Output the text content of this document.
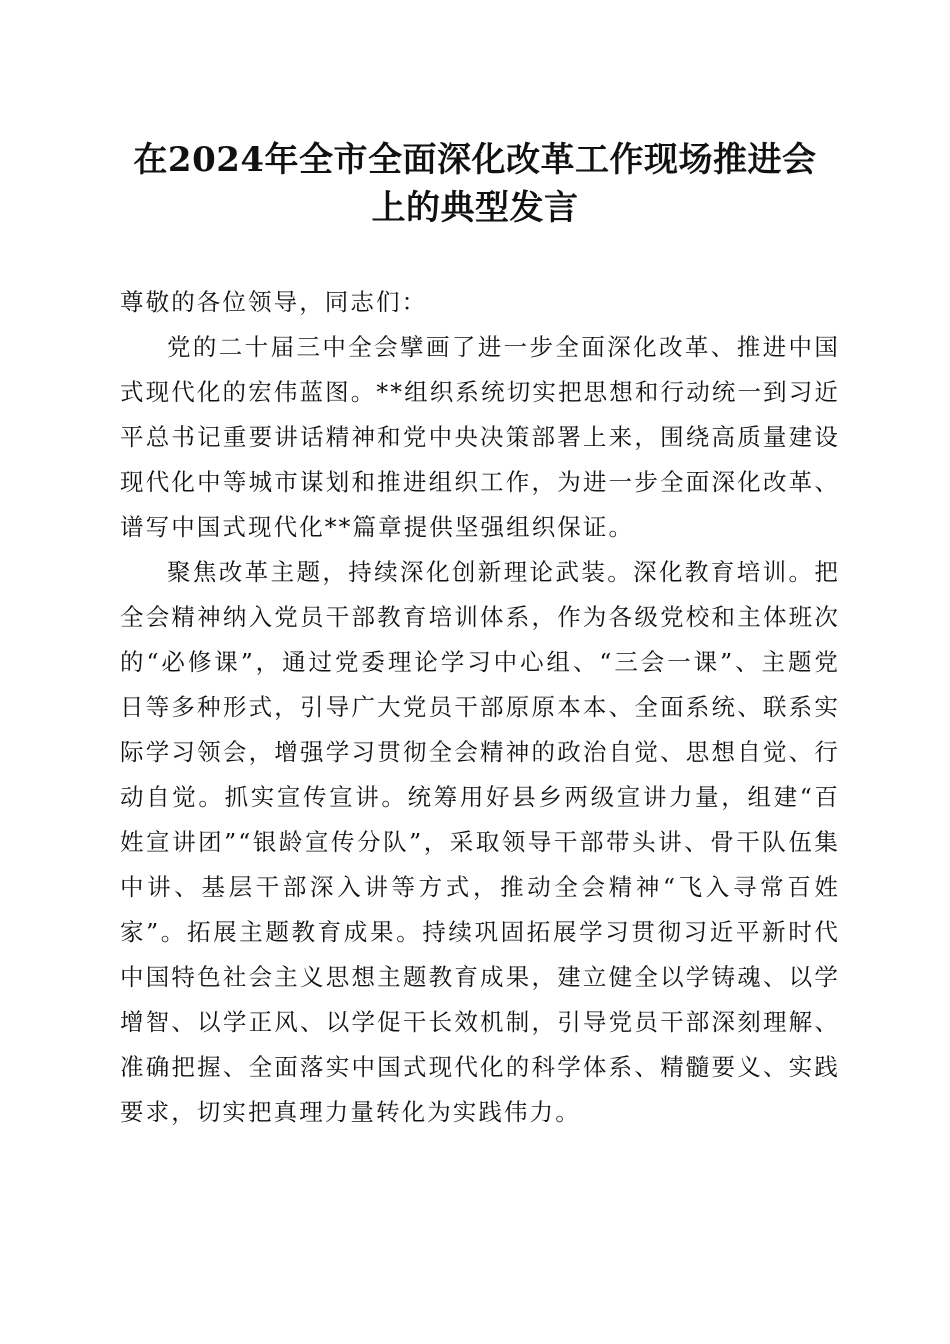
在2024年全市全面深化改革工作现场推进会
上的典型发言

尊敬的各位领导，同志们：

党的二十届三中全会擘画了进一步全面深化改革、推进中国式现代化的宏伟蓝图。**组织系统切实把思想和行动统一到习近平总书记重要讲话精神和党中央决策部署上来，围绕高质量建设现代化中等城市谋划和推进组织工作，为进一步全面深化改革、谱写中国式现代化**篇章提供坚强组织保证。

聚焦改革主题，持续深化创新理论武装。深化教育培训。把全会精神纳入党员干部教育培训体系，作为各级党校和主体班次的“必修课”，通过党委理论学习中心组、“三会一课”、主题党日等多种形式，引导广大党员干部原原本本、全面系统、联系实际学习领会，增强学习贯彻全会精神的政治自觉、思想自觉、行动自觉。抓实宣传宣讲。统筹用好县乡两级宣讲力量，组建“百姓宣讲团”“银龄宣传分队”，采取领导干部带头讲、骨干队伍集中讲、基层干部深入讲等方式，推动全会精神“飞入寻常百姓家”。拓展主题教育成果。持续巩固拓展学习贯彻习近平新时代中国特色社会主义思想主题教育成果，建立健全以学铸魂、以学增智、以学正风、以学促干长效机制，引导党员干部深刻理解、准确把握、全面落实中国式现代化的科学体系、精髓要义、实践要求，切实把真理力量转化为实践伟力。
